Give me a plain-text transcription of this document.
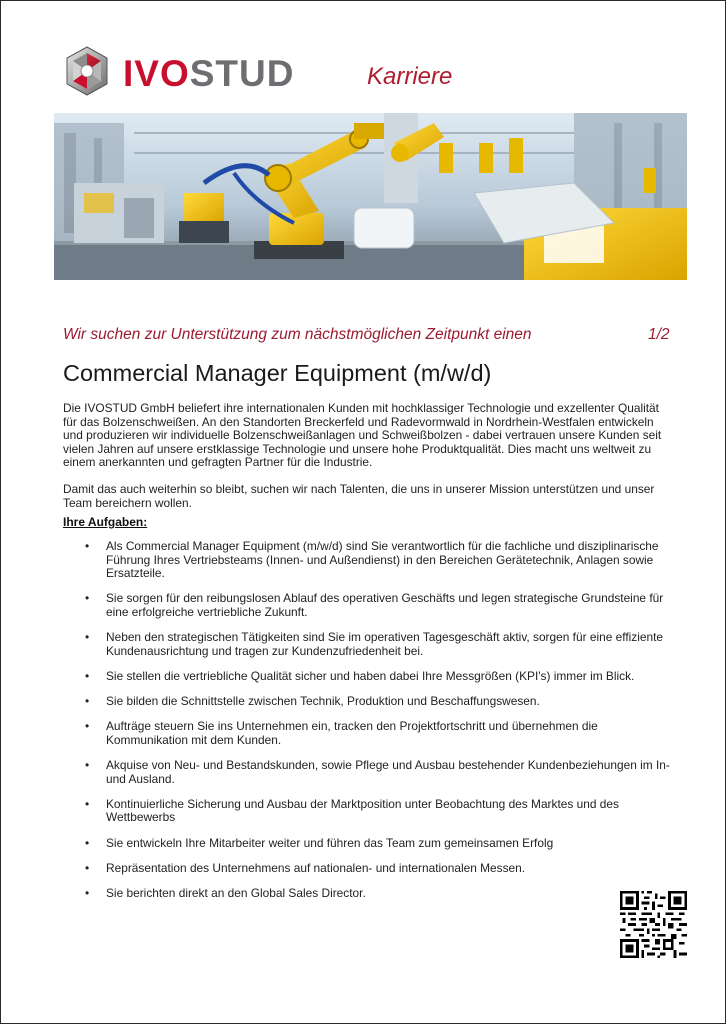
IVOSTUD	Karriere
Wir suchen zur Unterstützung zum nächstmöglichen Zeitpunkt einen	1/2
Commercial Manager Equipment (m/w/d)

Die IVOSTUD GmbH beliefert ihre internationalen Kunden mit hochklassiger Technologie und exzellenter Qualität für das Bolzenschweißen. An den Standorten Breckerfeld und Radevormwald in Nordrhein-Westfalen entwickeln und produzieren wir individuelle Bolzenschweißanlagen und Schweißbolzen - dabei vertrauen unsere Kunden seit vielen Jahren auf unsere erstklassige Technologie und unsere hohe Produktqualität. Dies macht uns weltweit zu einem anerkannten und gefragten Partner für die Industrie.

Damit das auch weiterhin so bleibt, suchen wir nach Talenten, die uns in unserer Mission unterstützen und unser Team bereichern wollen.

Ihre Aufgaben:
• Als Commercial Manager Equipment (m/w/d) sind Sie verantwortlich für die fachliche und disziplinarische Führung Ihres Vertriebsteams (Innen- und Außendienst) in den Bereichen Gerätetechnik, Anlagen sowie Ersatzteile.
• Sie sorgen für den reibungslosen Ablauf des operativen Geschäfts und legen strategische Grundsteine für eine erfolgreiche vertriebliche Zukunft.
• Neben den strategischen Tätigkeiten sind Sie im operativen Tagesgeschäft aktiv, sorgen für eine effiziente Kundenausrichtung und tragen zur Kundenzufriedenheit bei.
• Sie stellen die vertriebliche Qualität sicher und haben dabei Ihre Messgrößen (KPI's) immer im Blick.
• Sie bilden die Schnittstelle zwischen Technik, Produktion und Beschaffungswesen.
• Aufträge steuern Sie ins Unternehmen ein, tracken den Projektfortschritt und übernehmen die Kommunikation mit dem Kunden.
• Akquise von Neu- und Bestandskunden, sowie Pflege und Ausbau bestehender Kundenbeziehungen im In- und Ausland.
• Kontinuierliche Sicherung und Ausbau der Marktposition unter Beobachtung des Marktes und des Wettbewerbs
• Sie entwickeln Ihre Mitarbeiter weiter und führen das Team zum gemeinsamen Erfolg
• Repräsentation des Unternehmens auf nationalen- und internationalen Messen.
• Sie berichten direkt an den Global Sales Director.
